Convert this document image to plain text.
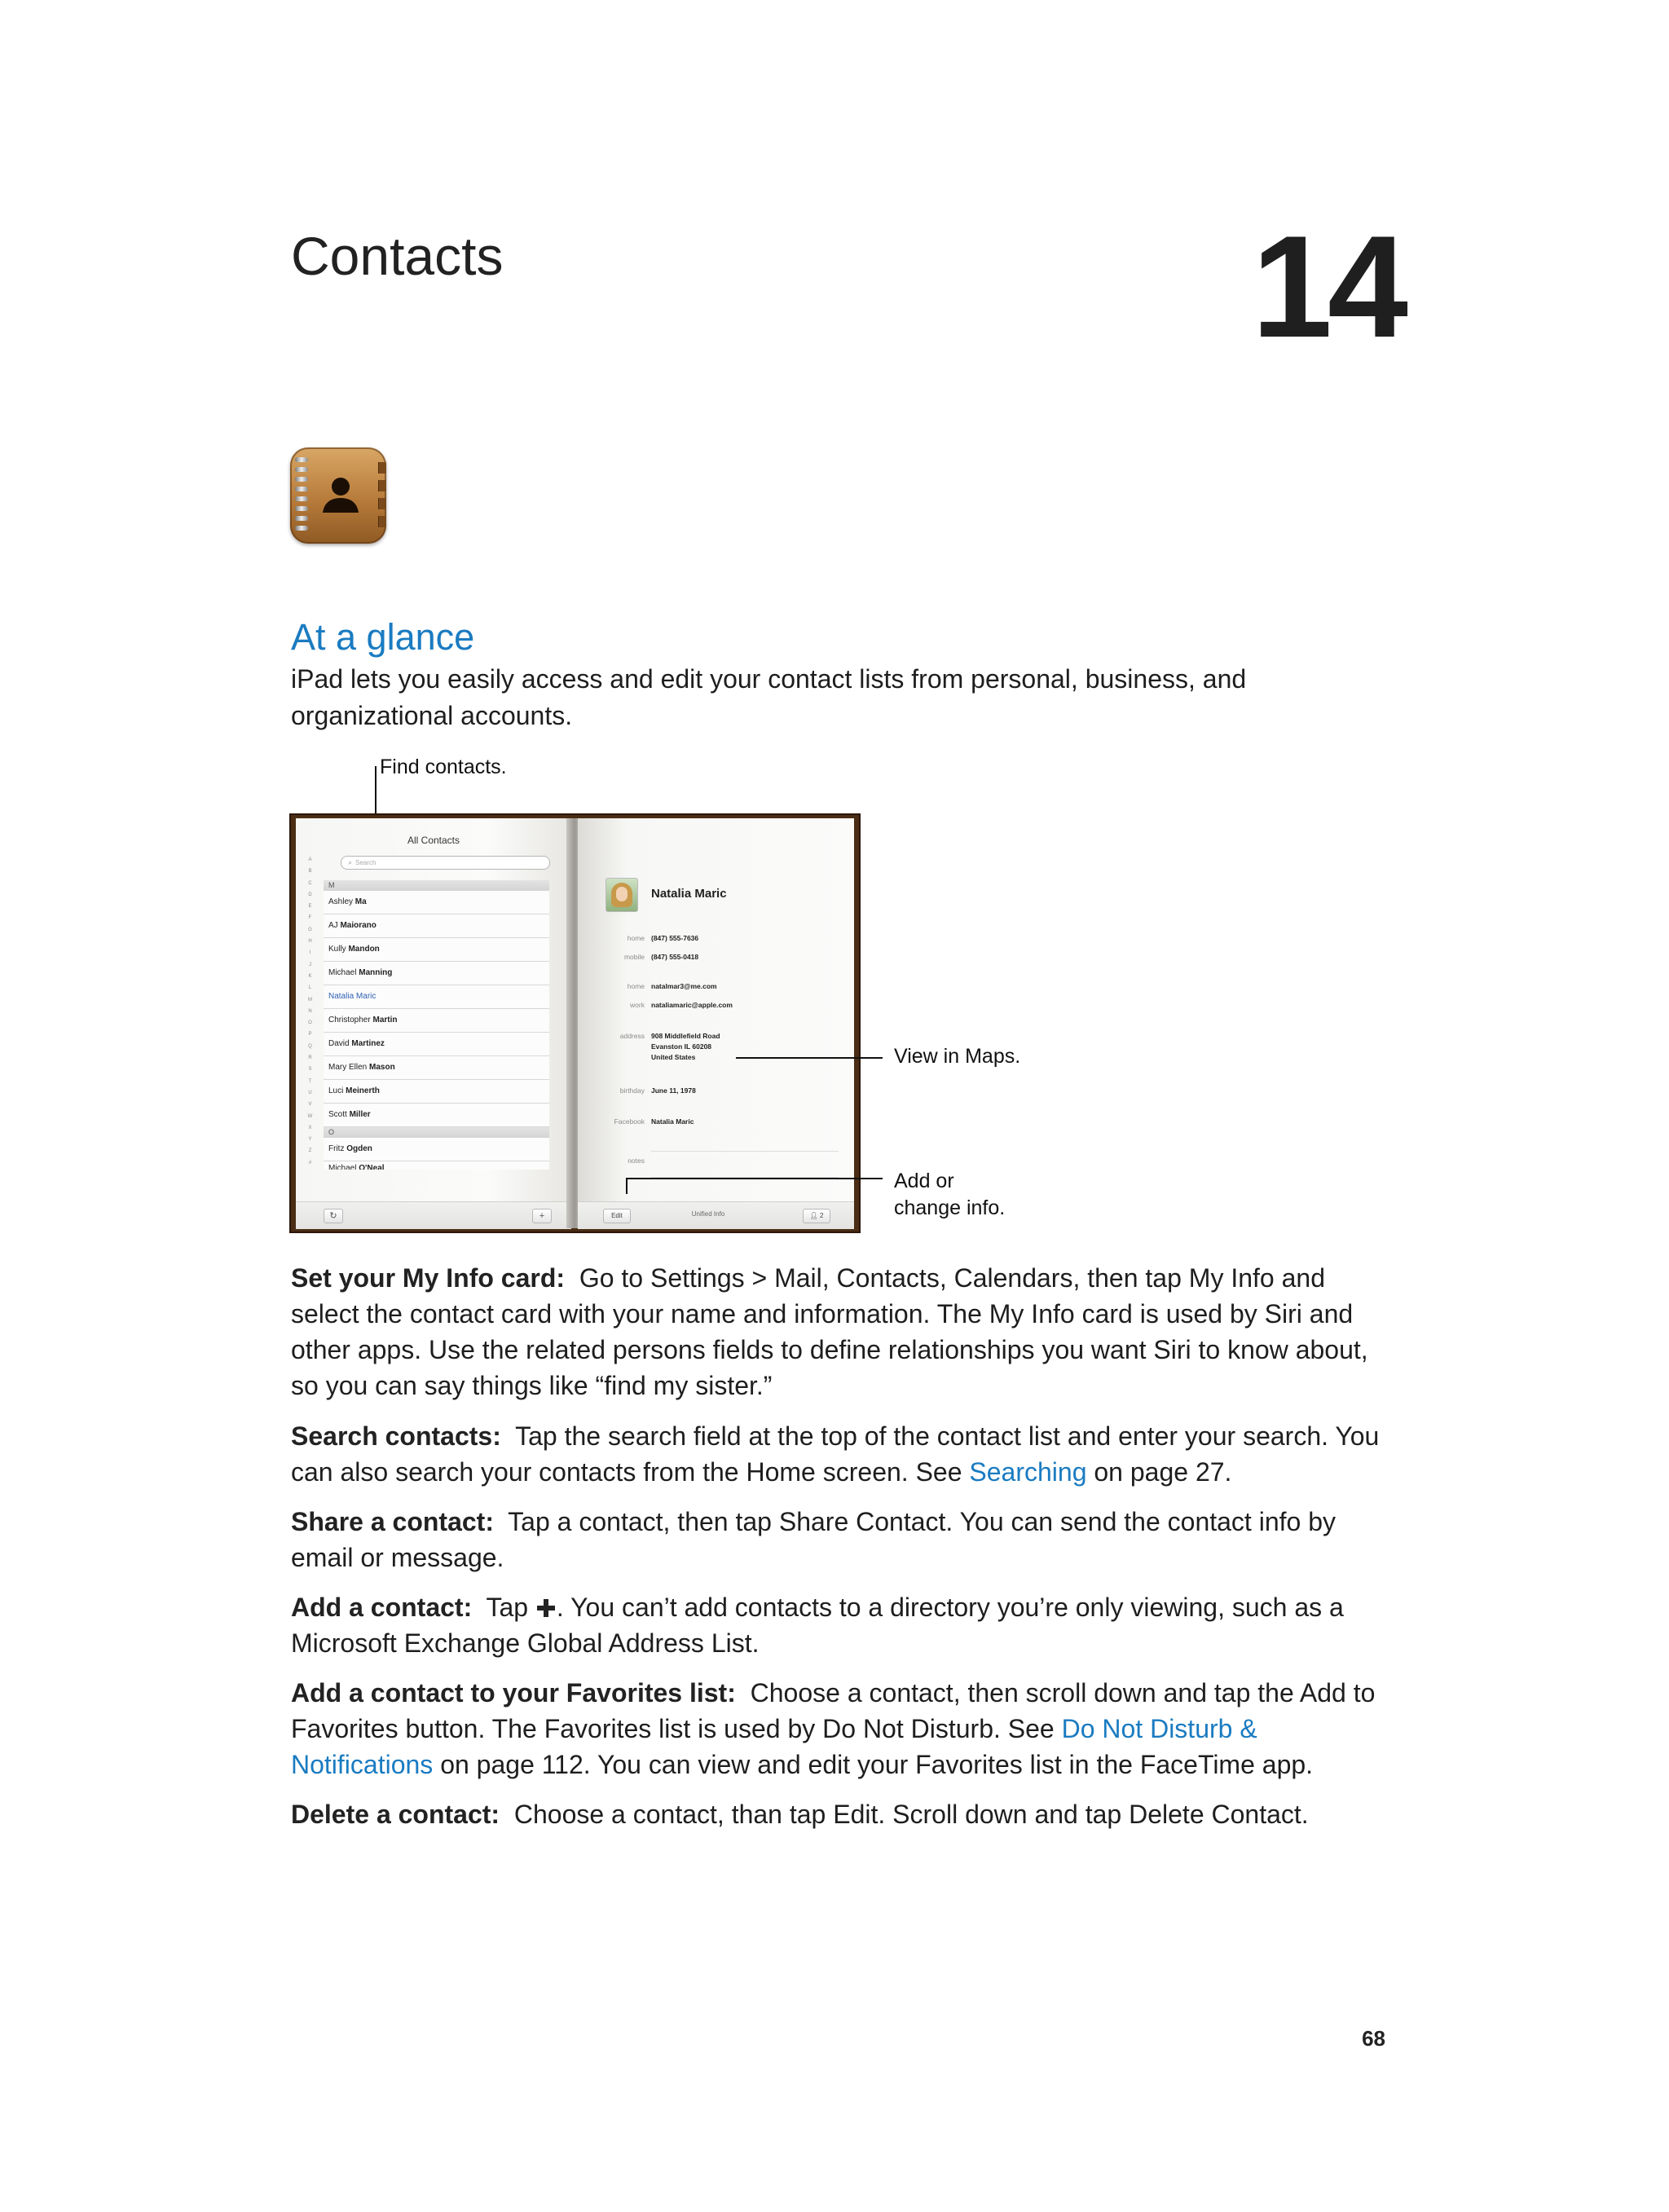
Contacts	14
At a glance
iPad lets you easily access and edit your contact lists from personal, business, and organizational accounts.
Find contacts.
All Contacts
⌕ Search
A
B
C
D
E
F
G
H
I
J
K
L
M
N
O
P
Q
R
S
T
U
V
W
X
Y
Z
#
M
Ashley Ma
AJ Maiorano
Kully Mandon
Michael Manning
Natalia Maric
Christopher Martin
David Martinez
Mary Ellen Mason
Luci Meinerth
Scott Miller
O
Fritz Ogden
Michael O'Neal
↻	+
Natalia Maric
home (847) 555-7636
mobile (847) 555-0418
home natalmar3@me.com
work nataliamaric@apple.com
address 908 Middlefield Road
Evanston IL 60208
United States
birthday June 11, 1978
Facebook Natalia Maric
notes
Edit	Unified Info	👤︎ 2
View in Maps.
Add or
change info.
Set your My Info card: Go to Settings > Mail, Contacts, Calendars, then tap My Info and select the contact card with your name and information. The My Info card is used by Siri and other apps. Use the related persons fields to define relationships you want Siri to know about, so you can say things like “find my sister.”
Search contacts: Tap the search field at the top of the contact list and enter your search. You can also search your contacts from the Home screen. See Searching on page 27.
Share a contact: Tap a contact, then tap Share Contact. You can send the contact info by email or message.
Add a contact: Tap . You can’t add contacts to a directory you’re only viewing, such as a Microsoft Exchange Global Address List.
Add a contact to your Favorites list: Choose a contact, then scroll down and tap the Add to Favorites button. The Favorites list is used by Do Not Disturb. See Do Not Disturb & Notifications on page 112. You can view and edit your Favorites list in the FaceTime app.
Delete a contact: Choose a contact, than tap Edit. Scroll down and tap Delete Contact.
68
